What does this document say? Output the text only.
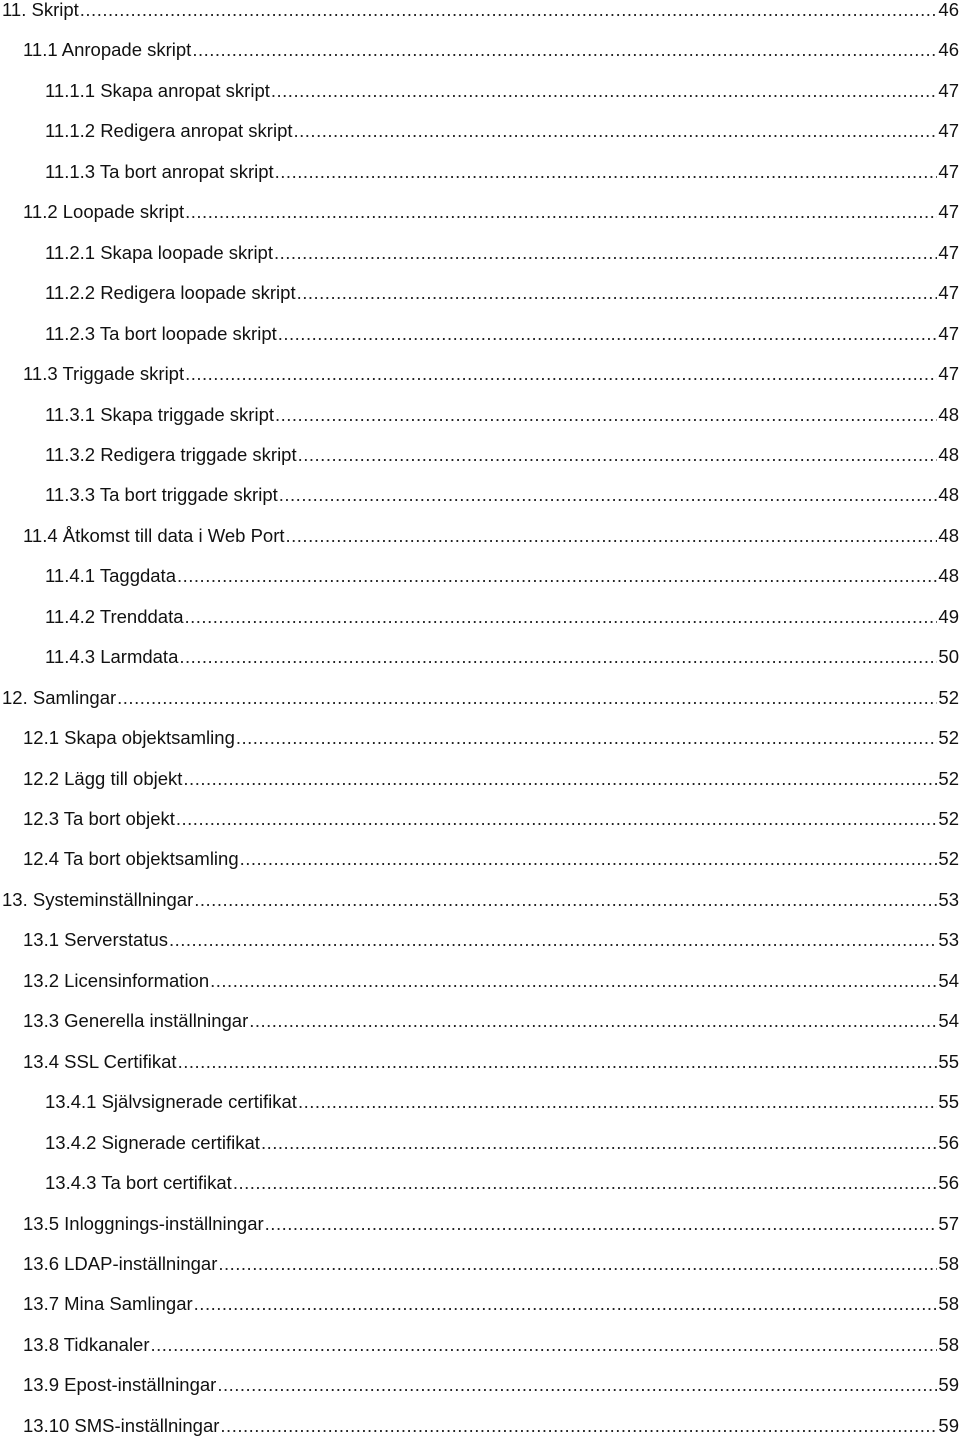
11. Skript .....	46
11.1 Anropade skript .....	46
11.1.1 Skapa anropat skript .....	47
11.1.2 Redigera anropat skript .....	47
11.1.3 Ta bort anropat skript .....	47
11.2 Loopade skript .....	47
11.2.1 Skapa loopade skript .....	47
11.2.2 Redigera loopade skript .....	47
11.2.3 Ta bort loopade skript .....	47
11.3 Triggade skript .....	47
11.3.1 Skapa triggade skript .....	48
11.3.2 Redigera triggade skript .....	48
11.3.3 Ta bort triggade skript .....	48
11.4 Åtkomst till data i Web Port .....	48
11.4.1 Taggdata .....	48
11.4.2 Trenddata .....	49
11.4.3 Larmdata .....	50
12. Samlingar .....	52
12.1 Skapa objektsamling .....	52
12.2 Lägg till objekt .....	52
12.3 Ta bort objekt .....	52
12.4 Ta bort objektsamling .....	52
13. Systeminställningar .....	53
13.1 Serverstatus .....	53
13.2 Licensinformation .....	54
13.3 Generella inställningar .....	54
13.4 SSL Certifikat .....	55
13.4.1 Självsignerade certifikat .....	55
13.4.2 Signerade certifikat .....	56
13.4.3 Ta bort certifikat .....	56
13.5 Inloggnings-inställningar .....	57
13.6 LDAP-inställningar .....	58
13.7 Mina Samlingar .....	58
13.8 Tidkanaler .....	58
13.9 Epost-inställningar .....	59
13.10 SMS-inställningar .....	59
